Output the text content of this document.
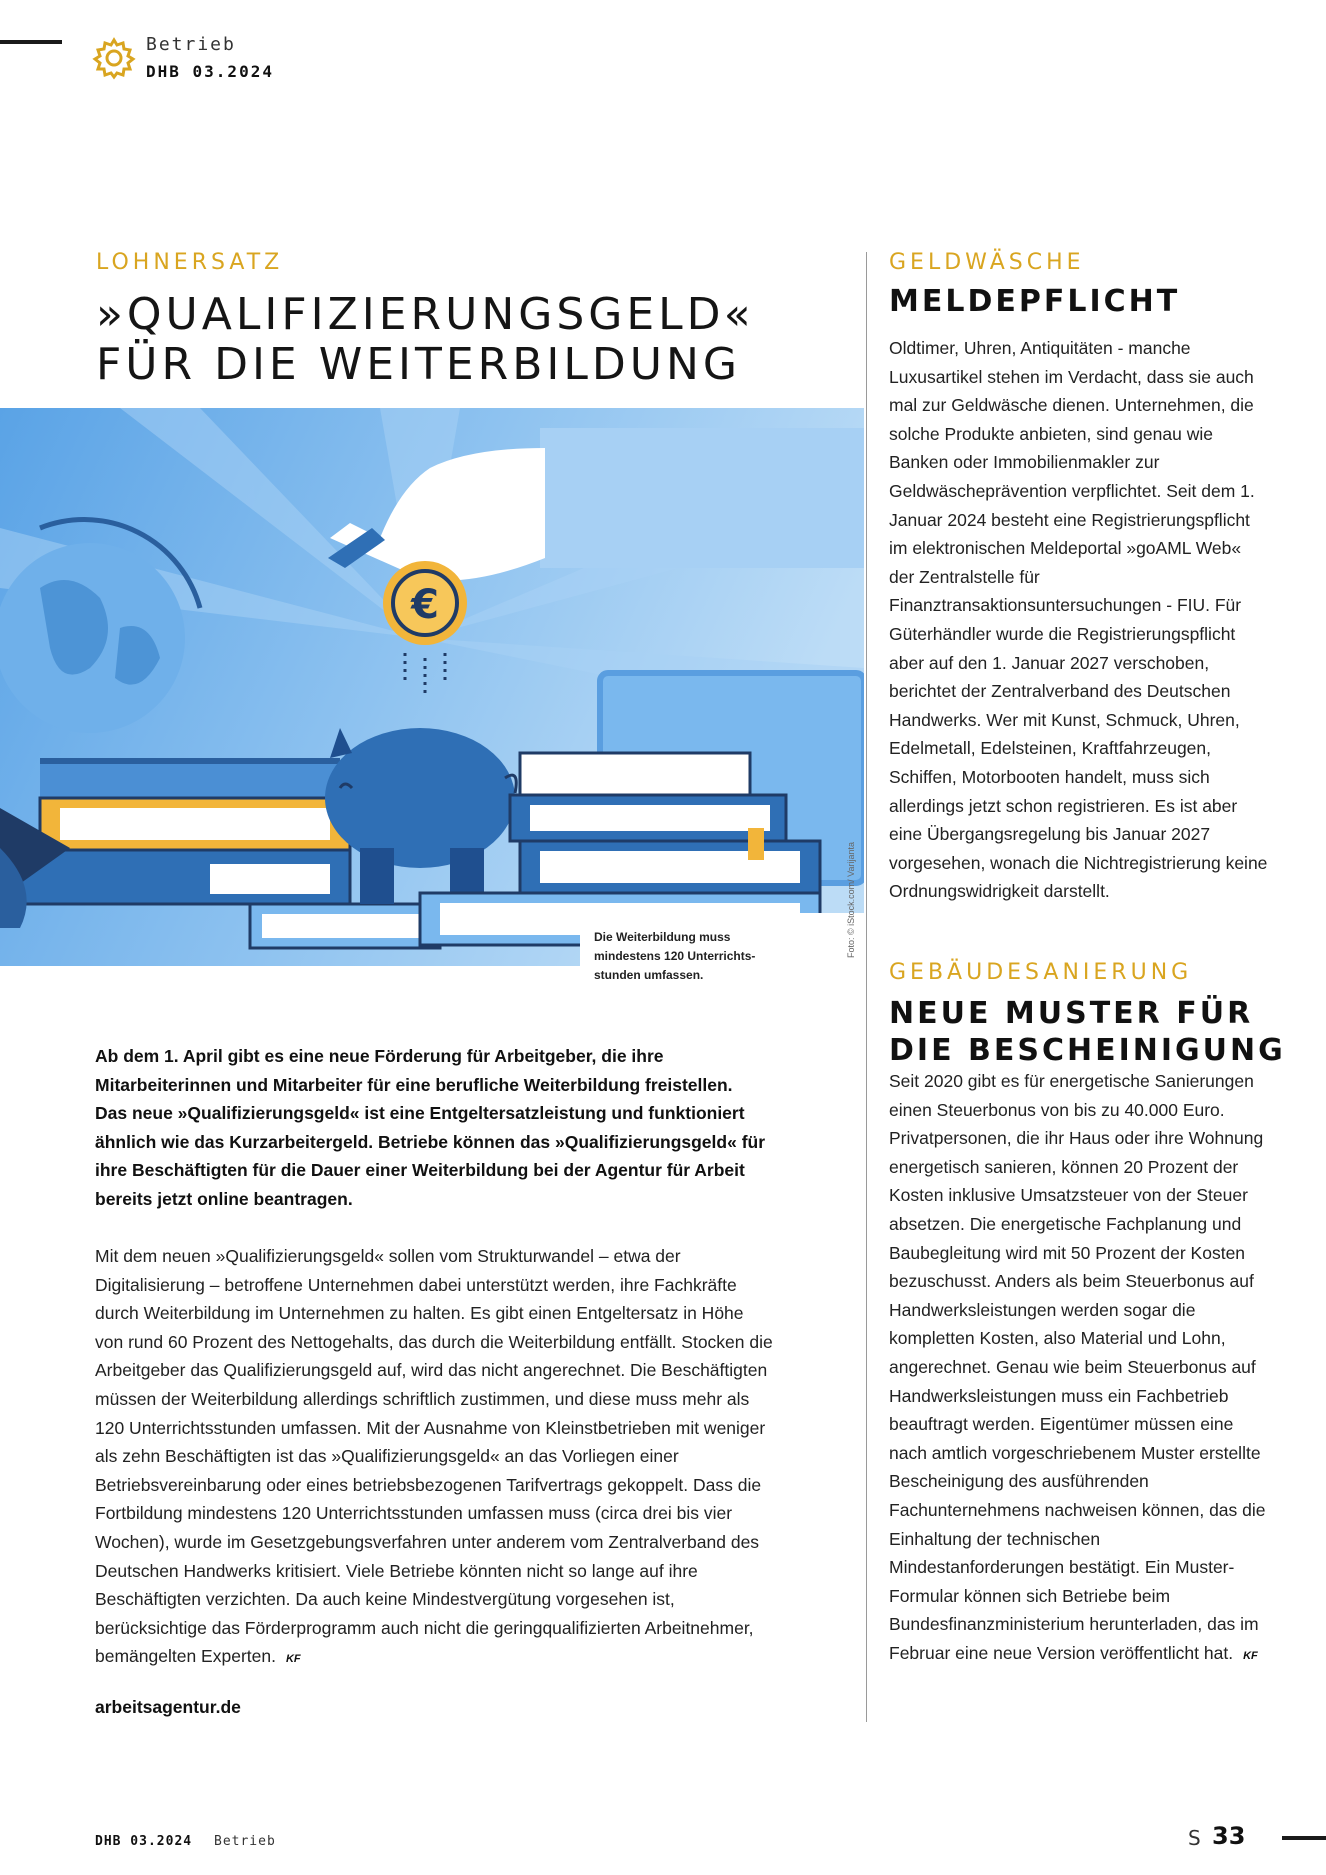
Betrieb
DHB 03.2024
LOHNERSATZ
»QUALIFIZIERUNGSGELD« FÜR DIE WEITERBILDUNG
€
Die Weiterbildung muss mindestens 120 Unterrichts- stunden umfassen.
Foto: © iStock.com/ Varijanta

Ab dem 1. April gibt es eine neue Förderung für Arbeitgeber, die ihre Mitarbeiterinnen und Mitarbeiter für eine berufliche Weiterbildung freistellen. Das neue »Qualifizierungsgeld« ist eine Entgeltersatzleistung und funktioniert ähnlich wie das Kurzarbeitergeld. Betriebe können das »Qualifizierungsgeld« für ihre Beschäftigten für die Dauer einer Weiterbildung bei der Agentur für Arbeit bereits jetzt online beantragen.

Mit dem neuen »Qualifizierungsgeld« sollen vom Strukturwandel – etwa der Digitalisierung – betroffene Unternehmen dabei unterstützt werden, ihre Fachkräfte durch Weiterbildung im Unternehmen zu halten. Es gibt einen Entgeltersatz in Höhe von rund 60 Prozent des Nettogehalts, das durch die Weiterbildung entfällt. Stocken die Arbeitgeber das Qualifizierungsgeld auf, wird das nicht angerechnet. Die Beschäftigten müssen der Weiterbildung allerdings schriftlich zustimmen, und diese muss mehr als 120 Unterrichtsstunden umfassen. Mit der Ausnahme von Kleinstbetrieben mit weniger als zehn Beschäftigten ist das »Qualifizierungsgeld« an das Vorliegen einer Betriebsvereinbarung oder eines betriebsbezogenen Tarifvertrags gekoppelt. Dass die Fortbildung mindestens 120 Unterrichtsstunden umfassen muss (circa drei bis vier Wochen), wurde im Gesetzgebungsverfahren unter anderem vom Zentralverband des Deutschen Handwerks kritisiert. Viele Betriebe könnten nicht so lange auf ihre Beschäftigten verzichten. Da auch keine Mindestvergütung vorgesehen ist, berücksichtige das Förderprogramm auch nicht die geringqualifizierten Arbeitnehmer, bemängelten Experten. KF

arbeitsagentur.de
GELDWÄSCHE
MELDEPFLICHT

Oldtimer, Uhren, Antiquitäten - manche Luxusartikel stehen im Verdacht, dass sie auch mal zur Geldwäsche dienen. Unternehmen, die solche Produkte anbieten, sind genau wie Banken oder Immobilienmakler zur Geldwäscheprävention verpflichtet. Seit dem 1. Januar 2024 besteht eine Registrierungspflicht im elektronischen Meldeportal »goAML Web« der Zentralstelle für Finanztransaktionsuntersuchungen - FIU. Für Güterhändler wurde die Registrierungspflicht aber auf den 1. Januar 2027 verschoben, berichtet der Zentralverband des Deutschen Handwerks. Wer mit Kunst, Schmuck, Uhren, Edelmetall, Edelsteinen, Kraftfahrzeugen, Schiffen, Motorbooten handelt, muss sich allerdings jetzt schon registrieren. Es ist aber eine Übergangsregelung bis Januar 2027 vorgesehen, wonach die Nichtregistrierung keine Ordnungswidrigkeit darstellt.

GEBÄUDESANIERUNG
NEUE MUSTER FÜR DIE BESCHEINIGUNG

Seit 2020 gibt es für energetische Sanierungen einen Steuerbonus von bis zu 40.000 Euro. Privatpersonen, die ihr Haus oder ihre Wohnung energetisch sanieren, können 20 Prozent der Kosten inklusive Umsatzsteuer von der Steuer absetzen. Die energetische Fachplanung und Baubegleitung wird mit 50 Prozent der Kosten bezuschusst. Anders als beim Steuerbonus auf Handwerksleistungen werden sogar die kompletten Kosten, also Material und Lohn, angerechnet. Genau wie beim Steuerbonus auf Handwerksleistungen muss ein Fachbetrieb beauftragt werden. Eigentümer müssen eine nach amtlich vorgeschriebenem Muster erstellte Bescheinigung des ausführenden Fachunternehmens nachweisen können, das die Einhaltung der technischen Mindestanforderungen bestätigt. Ein Muster-Formular können sich Betriebe beim Bundesfinanzministerium herunterladen, das im Februar eine neue Version veröffentlicht hat. KF

DHB 03.2024 Betrieb	S 33
